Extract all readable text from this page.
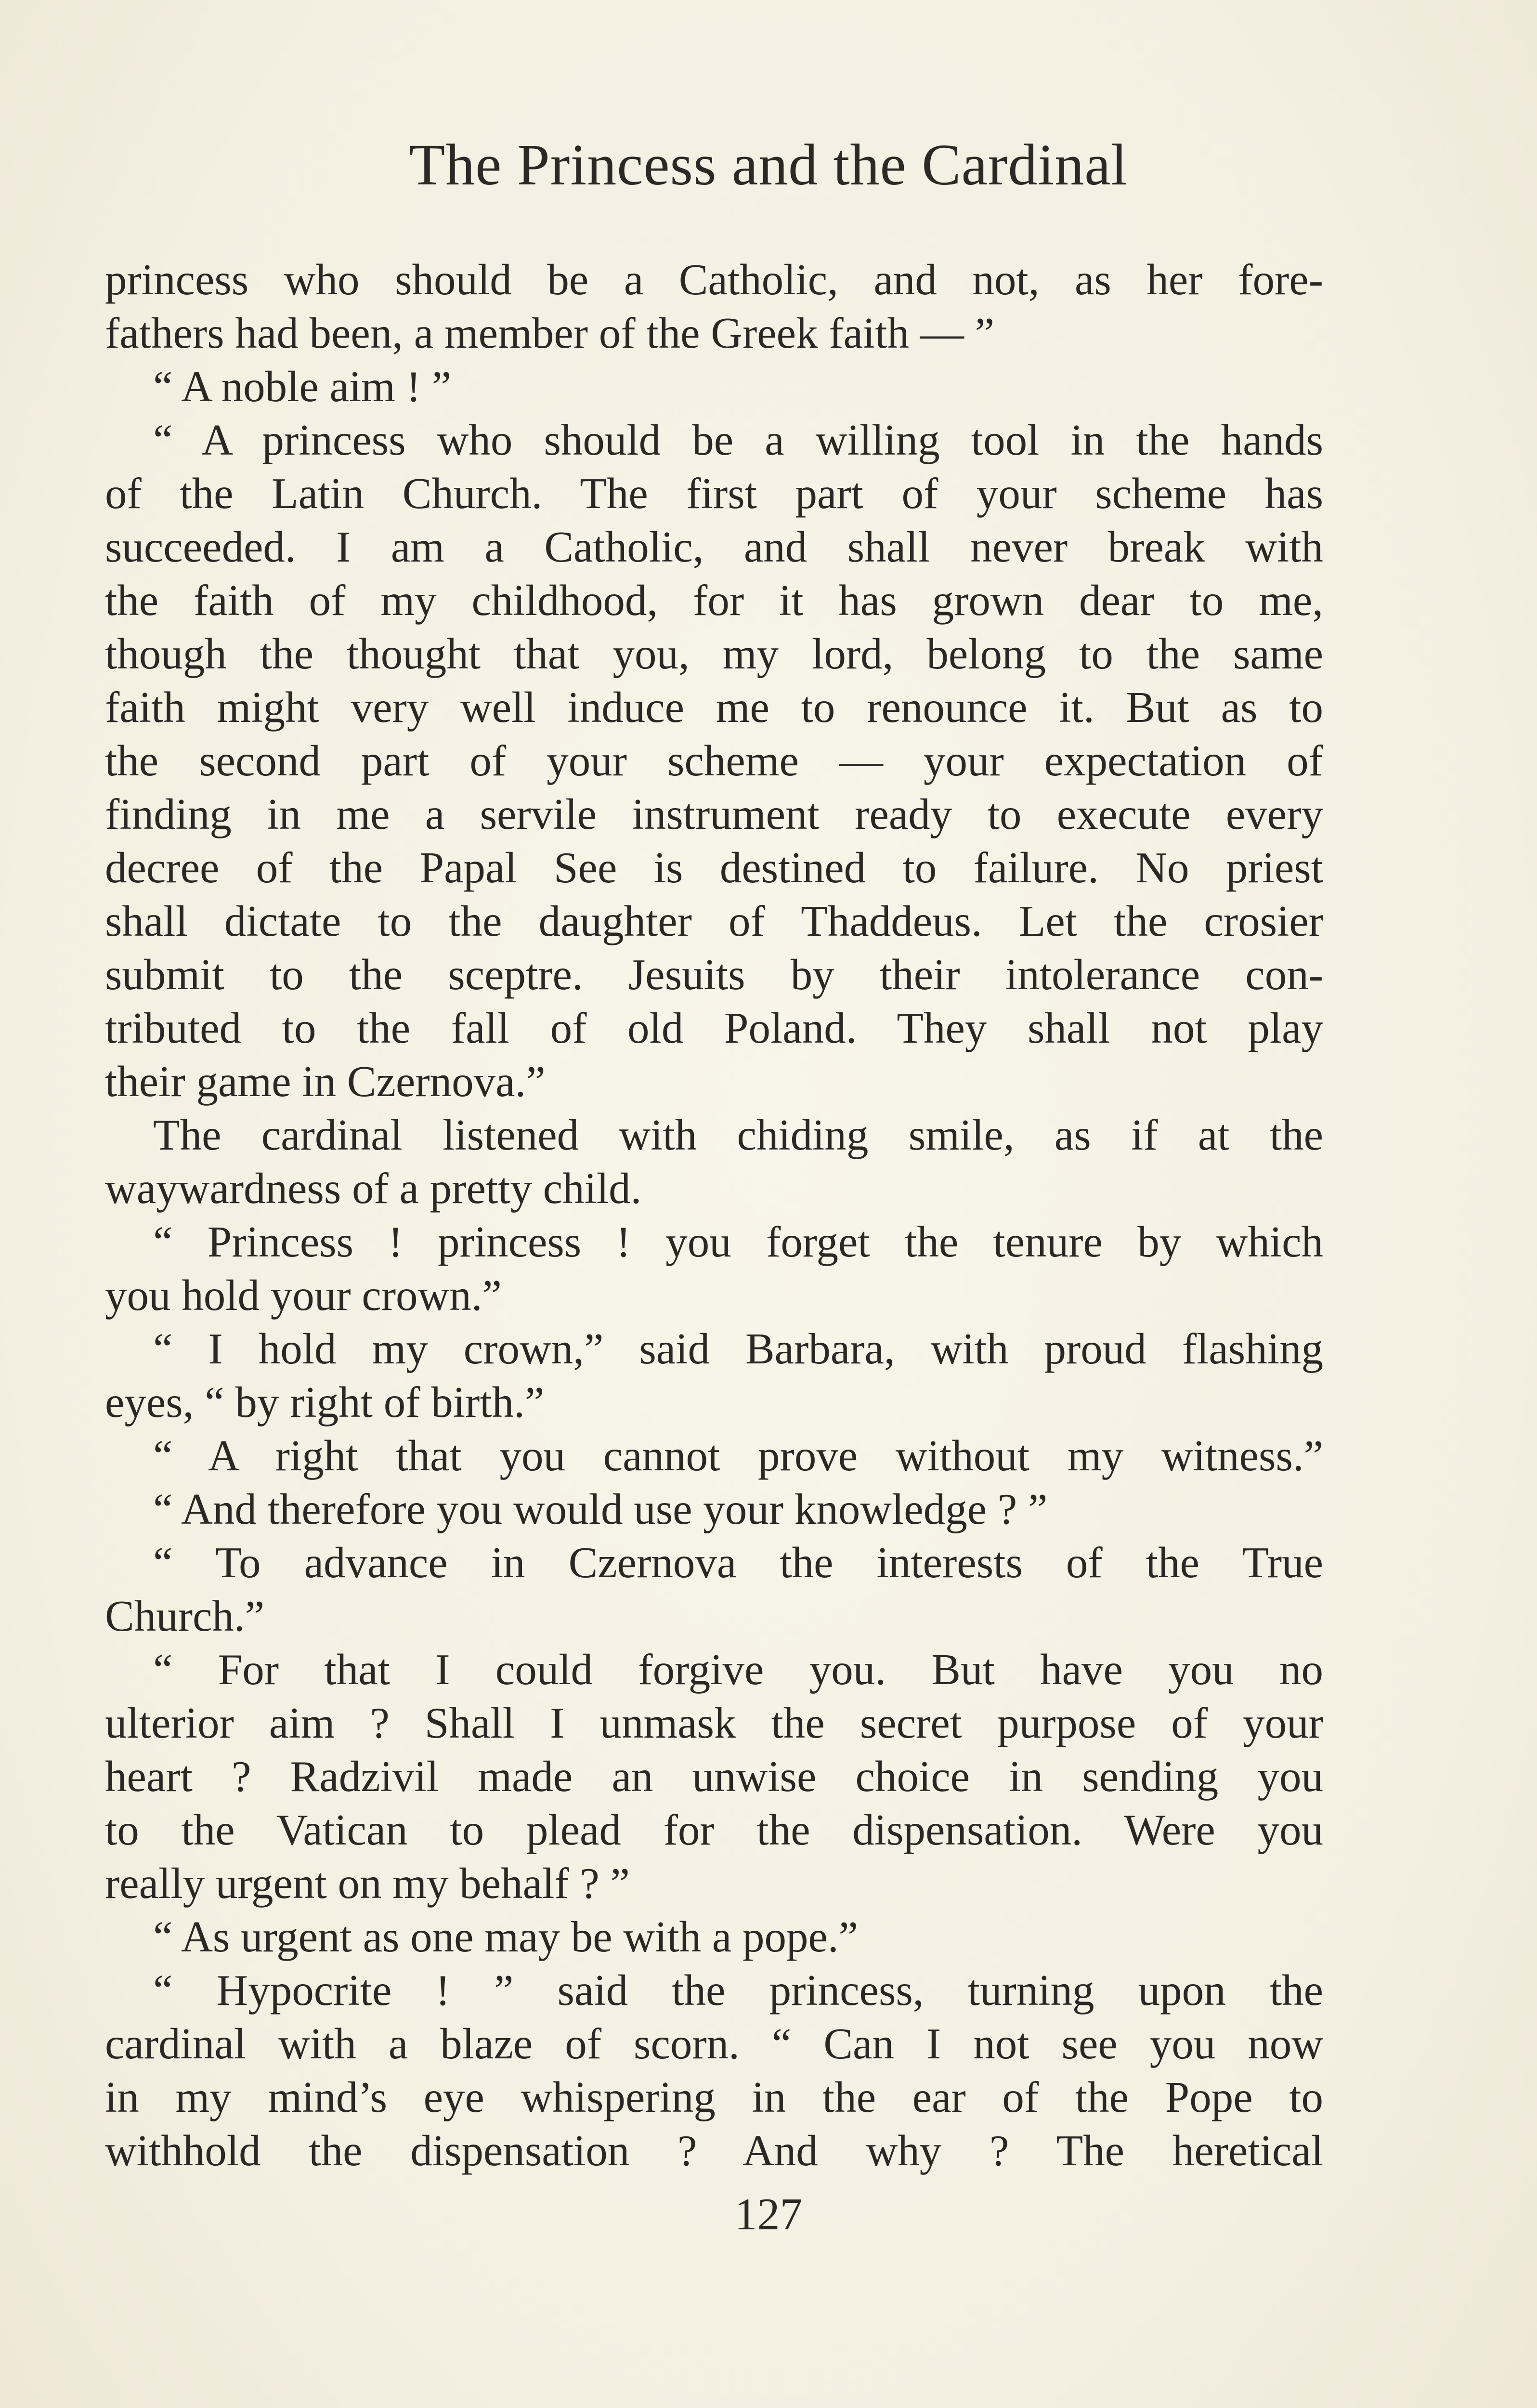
The Princess and the Cardinal
princess who should be a Catholic, and not, as her fore-
fathers had been, a member of the Greek faith — ”
“ A noble aim ! ”
“ A princess who should be a willing tool in the hands
of the Latin Church. The first part of your scheme has
succeeded. I am a Catholic, and shall never break with
the faith of my childhood, for it has grown dear to me,
though the thought that you, my lord, belong to the same
faith might very well induce me to renounce it. But as to
the second part of your scheme — your expectation of
finding in me a servile instrument ready to execute every
decree of the Papal See is destined to failure. No priest
shall dictate to the daughter of Thaddeus. Let the crosier
submit to the sceptre. Jesuits by their intolerance con-
tributed to the fall of old Poland. They shall not play
their game in Czernova.”
The cardinal listened with chiding smile, as if at the
waywardness of a pretty child.
“ Princess ! princess ! you forget the tenure by which
you hold your crown.”
“ I hold my crown,” said Barbara, with proud flashing
eyes, “ by right of birth.”
“ A right that you cannot prove without my witness.”
“ And therefore you would use your knowledge ? ”
“ To advance in Czernova the interests of the True
Church.”
“ For that I could forgive you. But have you no
ulterior aim ? Shall I unmask the secret purpose of your
heart ? Radzivil made an unwise choice in sending you
to the Vatican to plead for the dispensation. Were you
really urgent on my behalf ? ”
“ As urgent as one may be with a pope.”
“ Hypocrite ! ” said the princess, turning upon the
cardinal with a blaze of scorn. “ Can I not see you now
in my mind’s eye whispering in the ear of the Pope to
withhold the dispensation ? And why ? The heretical
127
